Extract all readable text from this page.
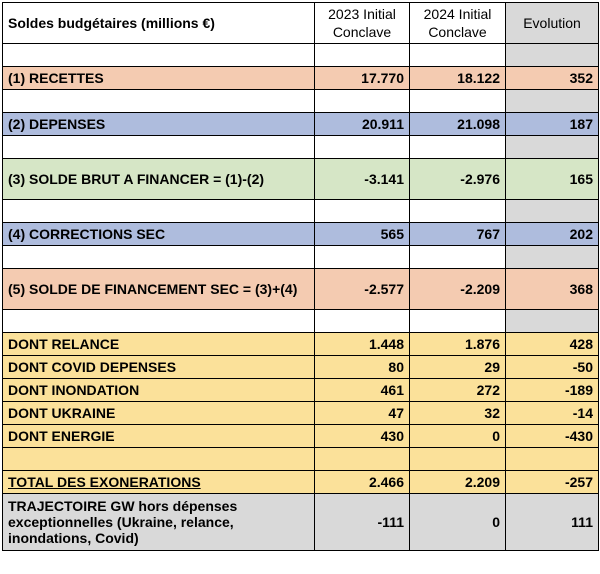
Soldes budgétaires (millions €)	2023 Initial Conclave	2024 Initial Conclave	Evolution

(1) RECETTES	17.770	18.122	352

(2) DEPENSES	20.911	21.098	187

(3) SOLDE BRUT A FINANCER = (1)-(2)	-3.141	-2.976	165

(4) CORRECTIONS SEC	565	767	202

(5) SOLDE DE FINANCEMENT SEC = (3)+(4)	-2.577	-2.209	368

DONT RELANCE	1.448	1.876	428
DONT COVID DEPENSES	80	29	-50
DONT INONDATION	461	272	-189
DONT UKRAINE	47	32	-14
DONT ENERGIE	430	0	-430

TOTAL DES EXONERATIONS	2.466	2.209	-257
TRAJECTOIRE GW hors dépenses exceptionnelles (Ukraine, relance, inondations, Covid)	-111	0	111
